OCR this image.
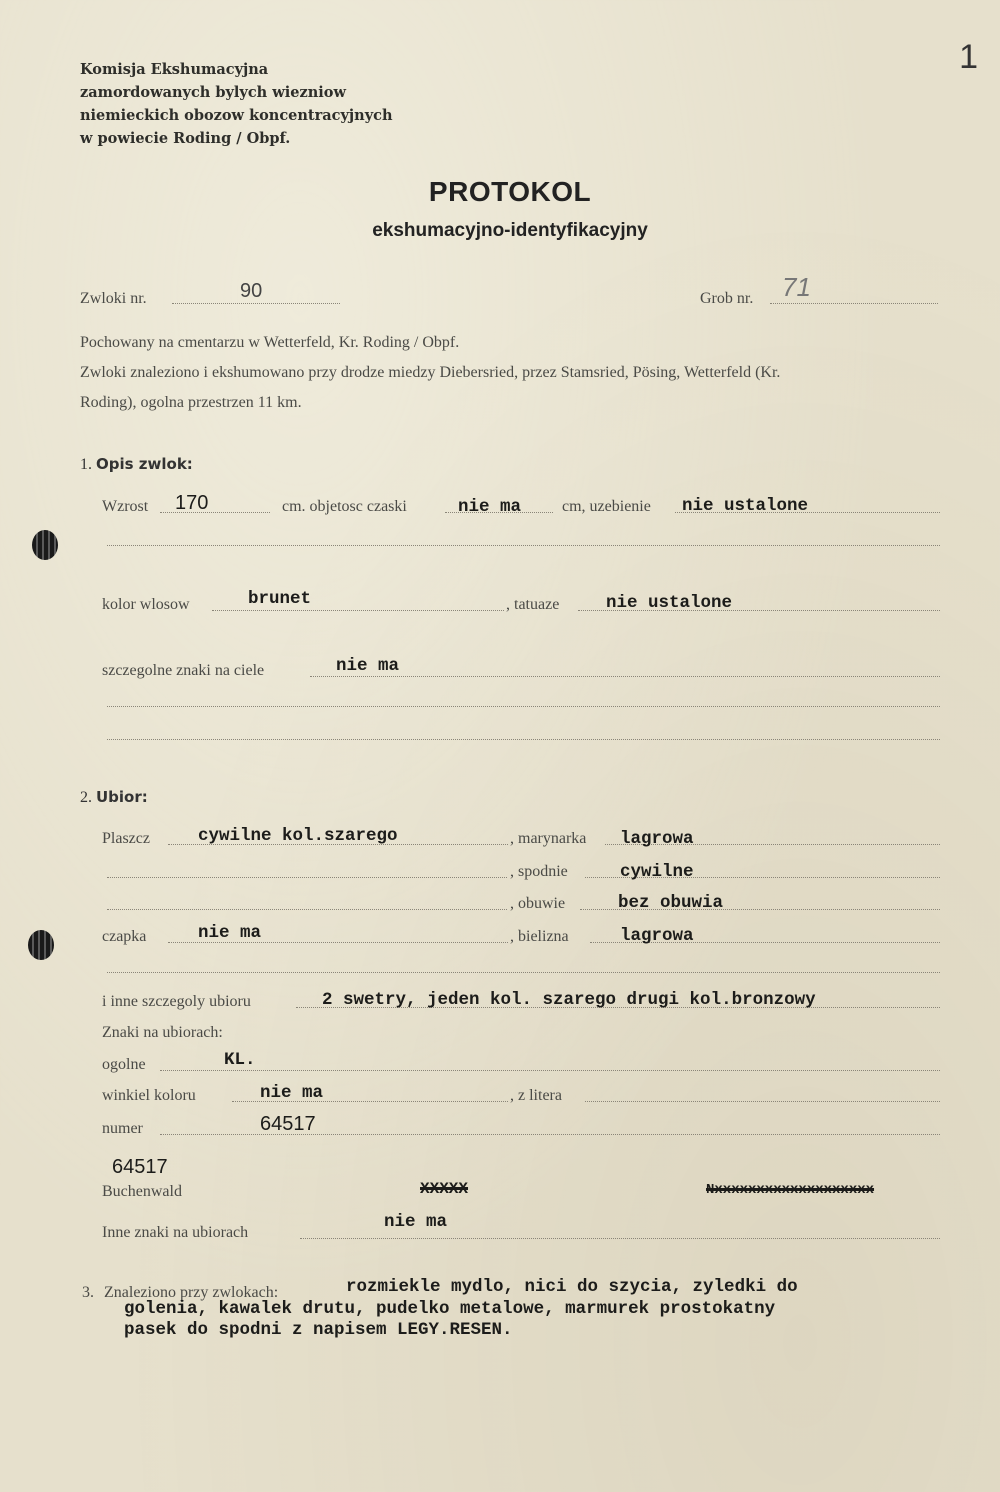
Komisja Ekshumacyjna
zamordowanych bylych wiezniow
niemieckich obozow koncentracyjnych
w powiecie Roding / Obpf.
1
PROTOKOL
ekshumacyjno-identyfikacyjny
Zwloki nr.	90	Grob nr. 71
Pochowany na cmentarzu w Wetterfeld, Kr. Roding / Obpf.
Zwloki znaleziono i ekshumowano przy drodze miedzy Diebersried, przez Stamsried, Pösing, Wetterfeld (Kr.
Roding), ogolna przestrzen 11 km.
1. Opis zwlok:
Wzrost 170	cm. objetosc czaski	nie ma	cm, uzebienie nie ustalone
kolor wlosow	brunet	, tatuaze	nie ustalone
szczegolne znaki na ciele	nie ma
2. Ubior:
Plaszcz	cywilne kol.szarego	, marynarka lagrowa
, spodnie	cywilne
, obuwie	bez obuwia
czapka	nie ma	, bielizna	lagrowa
i inne szczegoly ubioru	2 swetry, jeden kol. szarego drugi kol.bronzowy
Znaki na ubiorach:
ogolne	KL.
winkiel koloru	nie ma	, z litera
numer	64517
64517
Buchenwald	XXXXX	Nxxxxxxxxxxxxxxxxxxx
Inne znaki na ubiorach
nie ma
3. Znaleziono przy zwlokach:	rozmiekle mydlo, nici do szycia, zyledki do
golenia, kawalek drutu, pudelko metalowe, marmurek prostokatny
pasek do spodni z napisem LEGY.RESEN.
